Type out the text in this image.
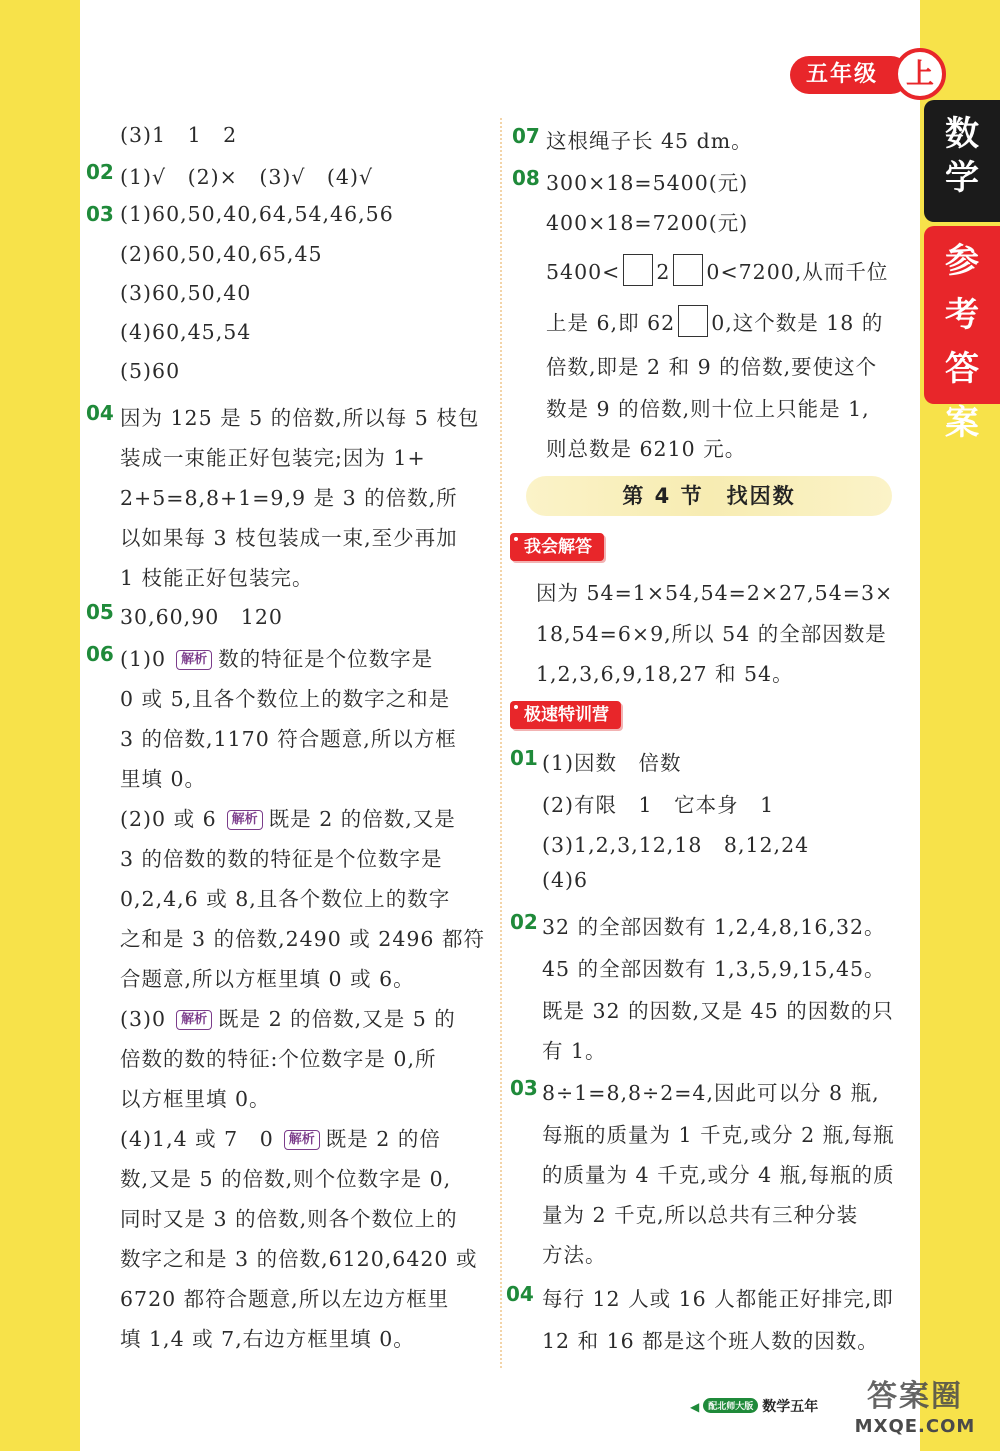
五年级 上
数学
参考答案
(3)1　1　2
02 (1)√　(2)×　(3)√　(4)√
03 (1)60,50,40,64,54,46,56
(2)60,50,40,65,45
(3)60,50,40
(4)60,45,54
(5)60
04 因为 125 是 5 的倍数,所以每 5 枝包
装成一束能正好包装完;因为 1+
2+5=8,8+1=9,9 是 3 的倍数,所
以如果每 3 枝包装成一束,至少再加
1 枝能正好包装完。
05 30,60,90　120
06 (1)0 解析 数的特征是个位数字是
0 或 5,且各个数位上的数字之和是
3 的倍数,1170 符合题意,所以方框
里填 0。
(2)0 或 6 解析 既是 2 的倍数,又是
3 的倍数的数的特征是个位数字是
0,2,4,6 或 8,且各个数位上的数字
之和是 3 的倍数,2490 或 2496 都符
合题意,所以方框里填 0 或 6。
(3)0 解析 既是 2 的倍数,又是 5 的
倍数的数的特征:个位数字是 0,所
以方框里填 0。
(4)1,4 或 7　0 解析 既是 2 的倍
数,又是 5 的倍数,则个位数字是 0,
同时又是 3 的倍数,则各个数位上的
数字之和是 3 的倍数,6120,6420 或
6720 都符合题意,所以左边方框里
填 1,4 或 7,右边方框里填 0。
07 这根绳子长 45 dm。
08 300×18=5400(元)
400×18=7200(元)
5400< 2 0<7200,从而千位
上是 6,即 62 0,这个数是 18 的
倍数,即是 2 和 9 的倍数,要使这个
数是 9 的倍数,则十位上只能是 1,
则总数是 6210 元。
第 4 节　找因数
我会解答
因为 54=1×54,54=2×27,54=3×
18,54=6×9,所以 54 的全部因数是
1,2,3,6,9,18,27 和 54。
极速特训营
01 (1)因数　倍数
(2)有限　1　它本身　1
(3)1,2,3,12,18　8,12,24
(4)6
02 32 的全部因数有 1,2,4,8,16,32。
45 的全部因数有 1,3,5,9,15,45。
既是 32 的因数,又是 45 的因数的只
有 1。
03 8÷1=8,8÷2=4,因此可以分 8 瓶,
每瓶的质量为 1 千克,或分 2 瓶,每瓶
的质量为 4 千克,或分 4 瓶,每瓶的质
量为 2 千克,所以总共有三种分装
方法。
04 每行 12 人或 16 人都能正好排完,即
12 和 16 都是这个班人数的因数。
◀ 配北师大版 数学五年	答案圈
MXQE.COM
